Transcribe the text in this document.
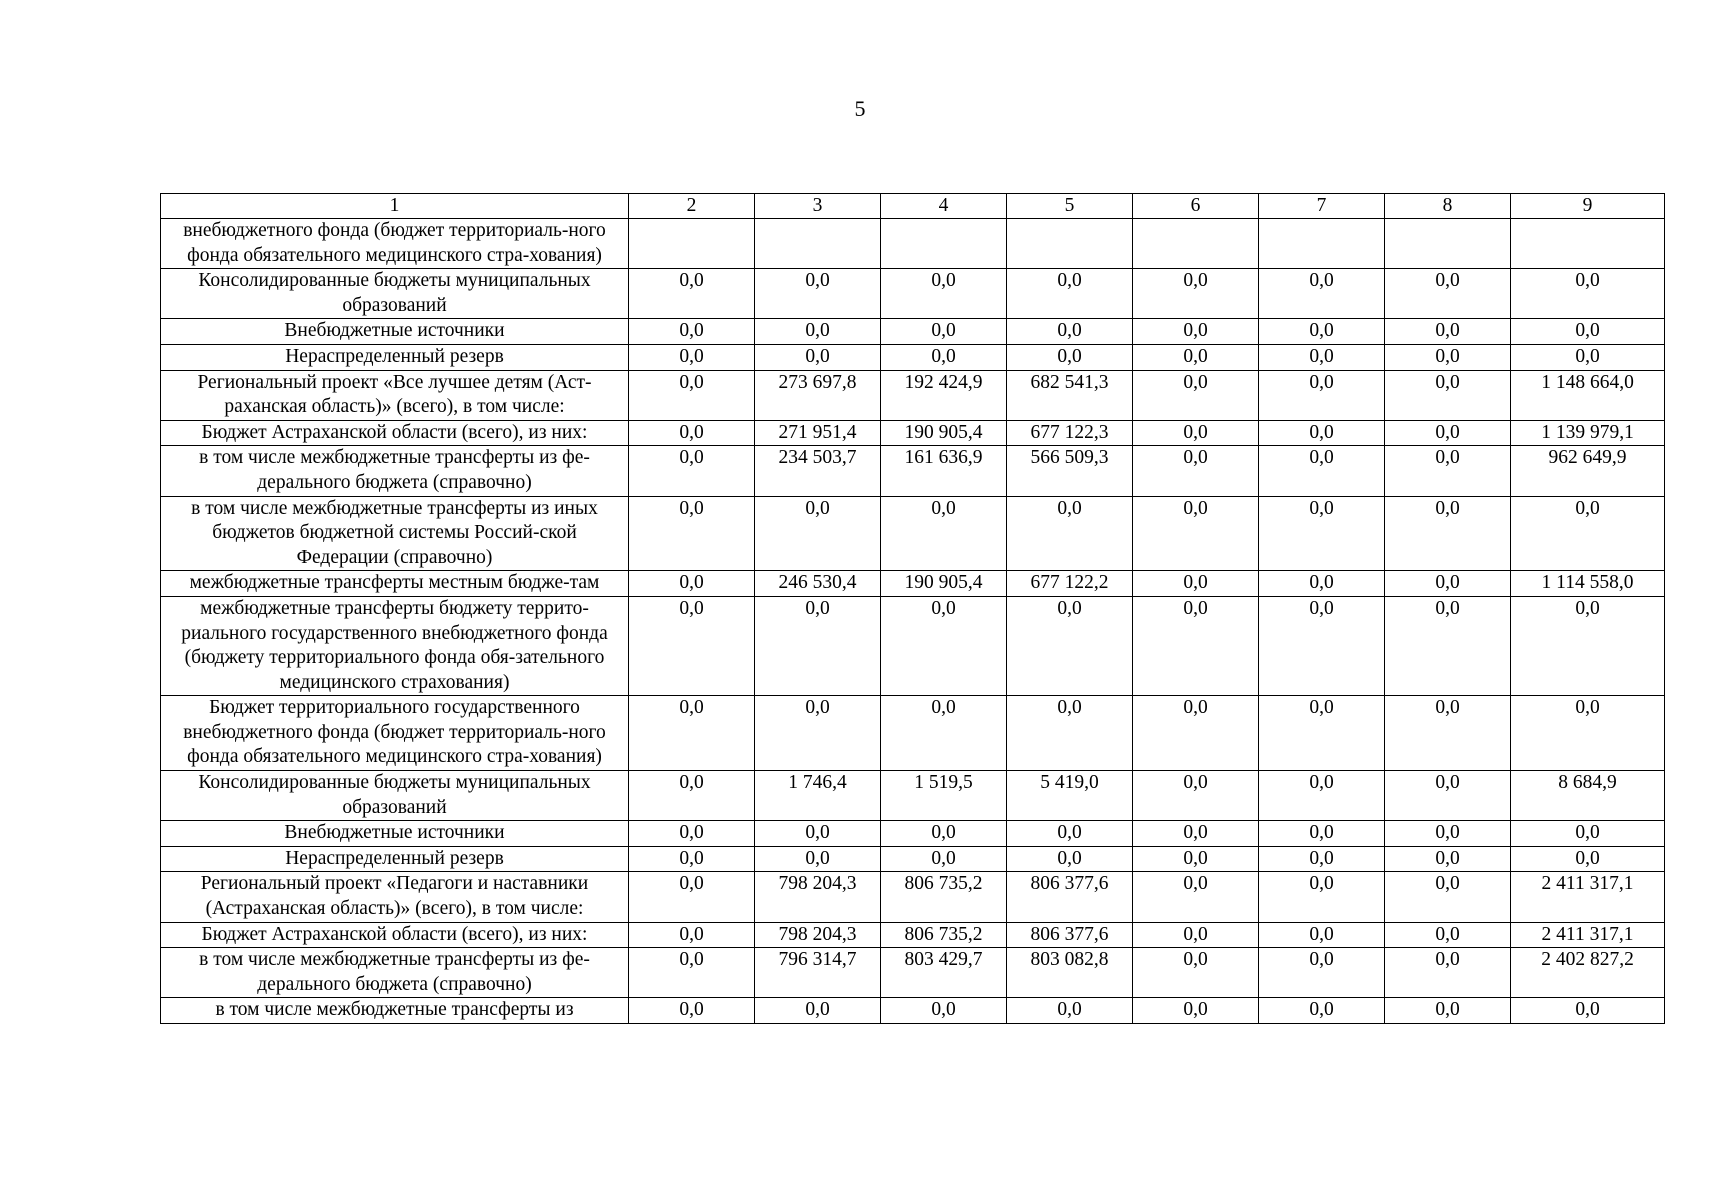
5
1	2	3	4	5	6	7	8	9
внебюджетного фонда (бюджет территориаль-ного фонда обязательного медицинского стра-хования)								
Консолидированные бюджеты муниципальных образований	0,0	0,0	0,0	0,0	0,0	0,0	0,0	0,0
Внебюджетные источники	0,0	0,0	0,0	0,0	0,0	0,0	0,0	0,0
Нераспределенный резерв	0,0	0,0	0,0	0,0	0,0	0,0	0,0	0,0
Региональный проект «Все лучшее детям (Аст-раханская область)» (всего), в том числе:	0,0	273 697,8	192 424,9	682 541,3	0,0	0,0	0,0	1 148 664,0
Бюджет Астраханской области (всего), из них:	0,0	271 951,4	190 905,4	677 122,3	0,0	0,0	0,0	1 139 979,1
в том числе межбюджетные трансферты из фе-дерального бюджета (справочно)	0,0	234 503,7	161 636,9	566 509,3	0,0	0,0	0,0	962 649,9
в том числе межбюджетные трансферты из иных бюджетов бюджетной системы Россий-ской Федерации (справочно)	0,0	0,0	0,0	0,0	0,0	0,0	0,0	0,0
межбюджетные трансферты местным бюдже-там	0,0	246 530,4	190 905,4	677 122,2	0,0	0,0	0,0	1 114 558,0
межбюджетные трансферты бюджету террито-риального государственного внебюджетного фонда (бюджету территориального фонда обя-зательного медицинского страхования)	0,0	0,0	0,0	0,0	0,0	0,0	0,0	0,0
Бюджет территориального государственного внебюджетного фонда (бюджет территориаль-ного фонда обязательного медицинского стра-хования)	0,0	0,0	0,0	0,0	0,0	0,0	0,0	0,0
Консолидированные бюджеты муниципальных образований	0,0	1 746,4	1 519,5	5 419,0	0,0	0,0	0,0	8 684,9
Внебюджетные источники	0,0	0,0	0,0	0,0	0,0	0,0	0,0	0,0
Нераспределенный резерв	0,0	0,0	0,0	0,0	0,0	0,0	0,0	0,0
Региональный проект «Педагоги и наставники (Астраханская область)» (всего), в том числе:	0,0	798 204,3	806 735,2	806 377,6	0,0	0,0	0,0	2 411 317,1
Бюджет Астраханской области (всего), из них:	0,0	798 204,3	806 735,2	806 377,6	0,0	0,0	0,0	2 411 317,1
в том числе межбюджетные трансферты из фе-дерального бюджета (справочно)	0,0	796 314,7	803 429,7	803 082,8	0,0	0,0	0,0	2 402 827,2
в том числе межбюджетные трансферты из	0,0	0,0	0,0	0,0	0,0	0,0	0,0	0,0
